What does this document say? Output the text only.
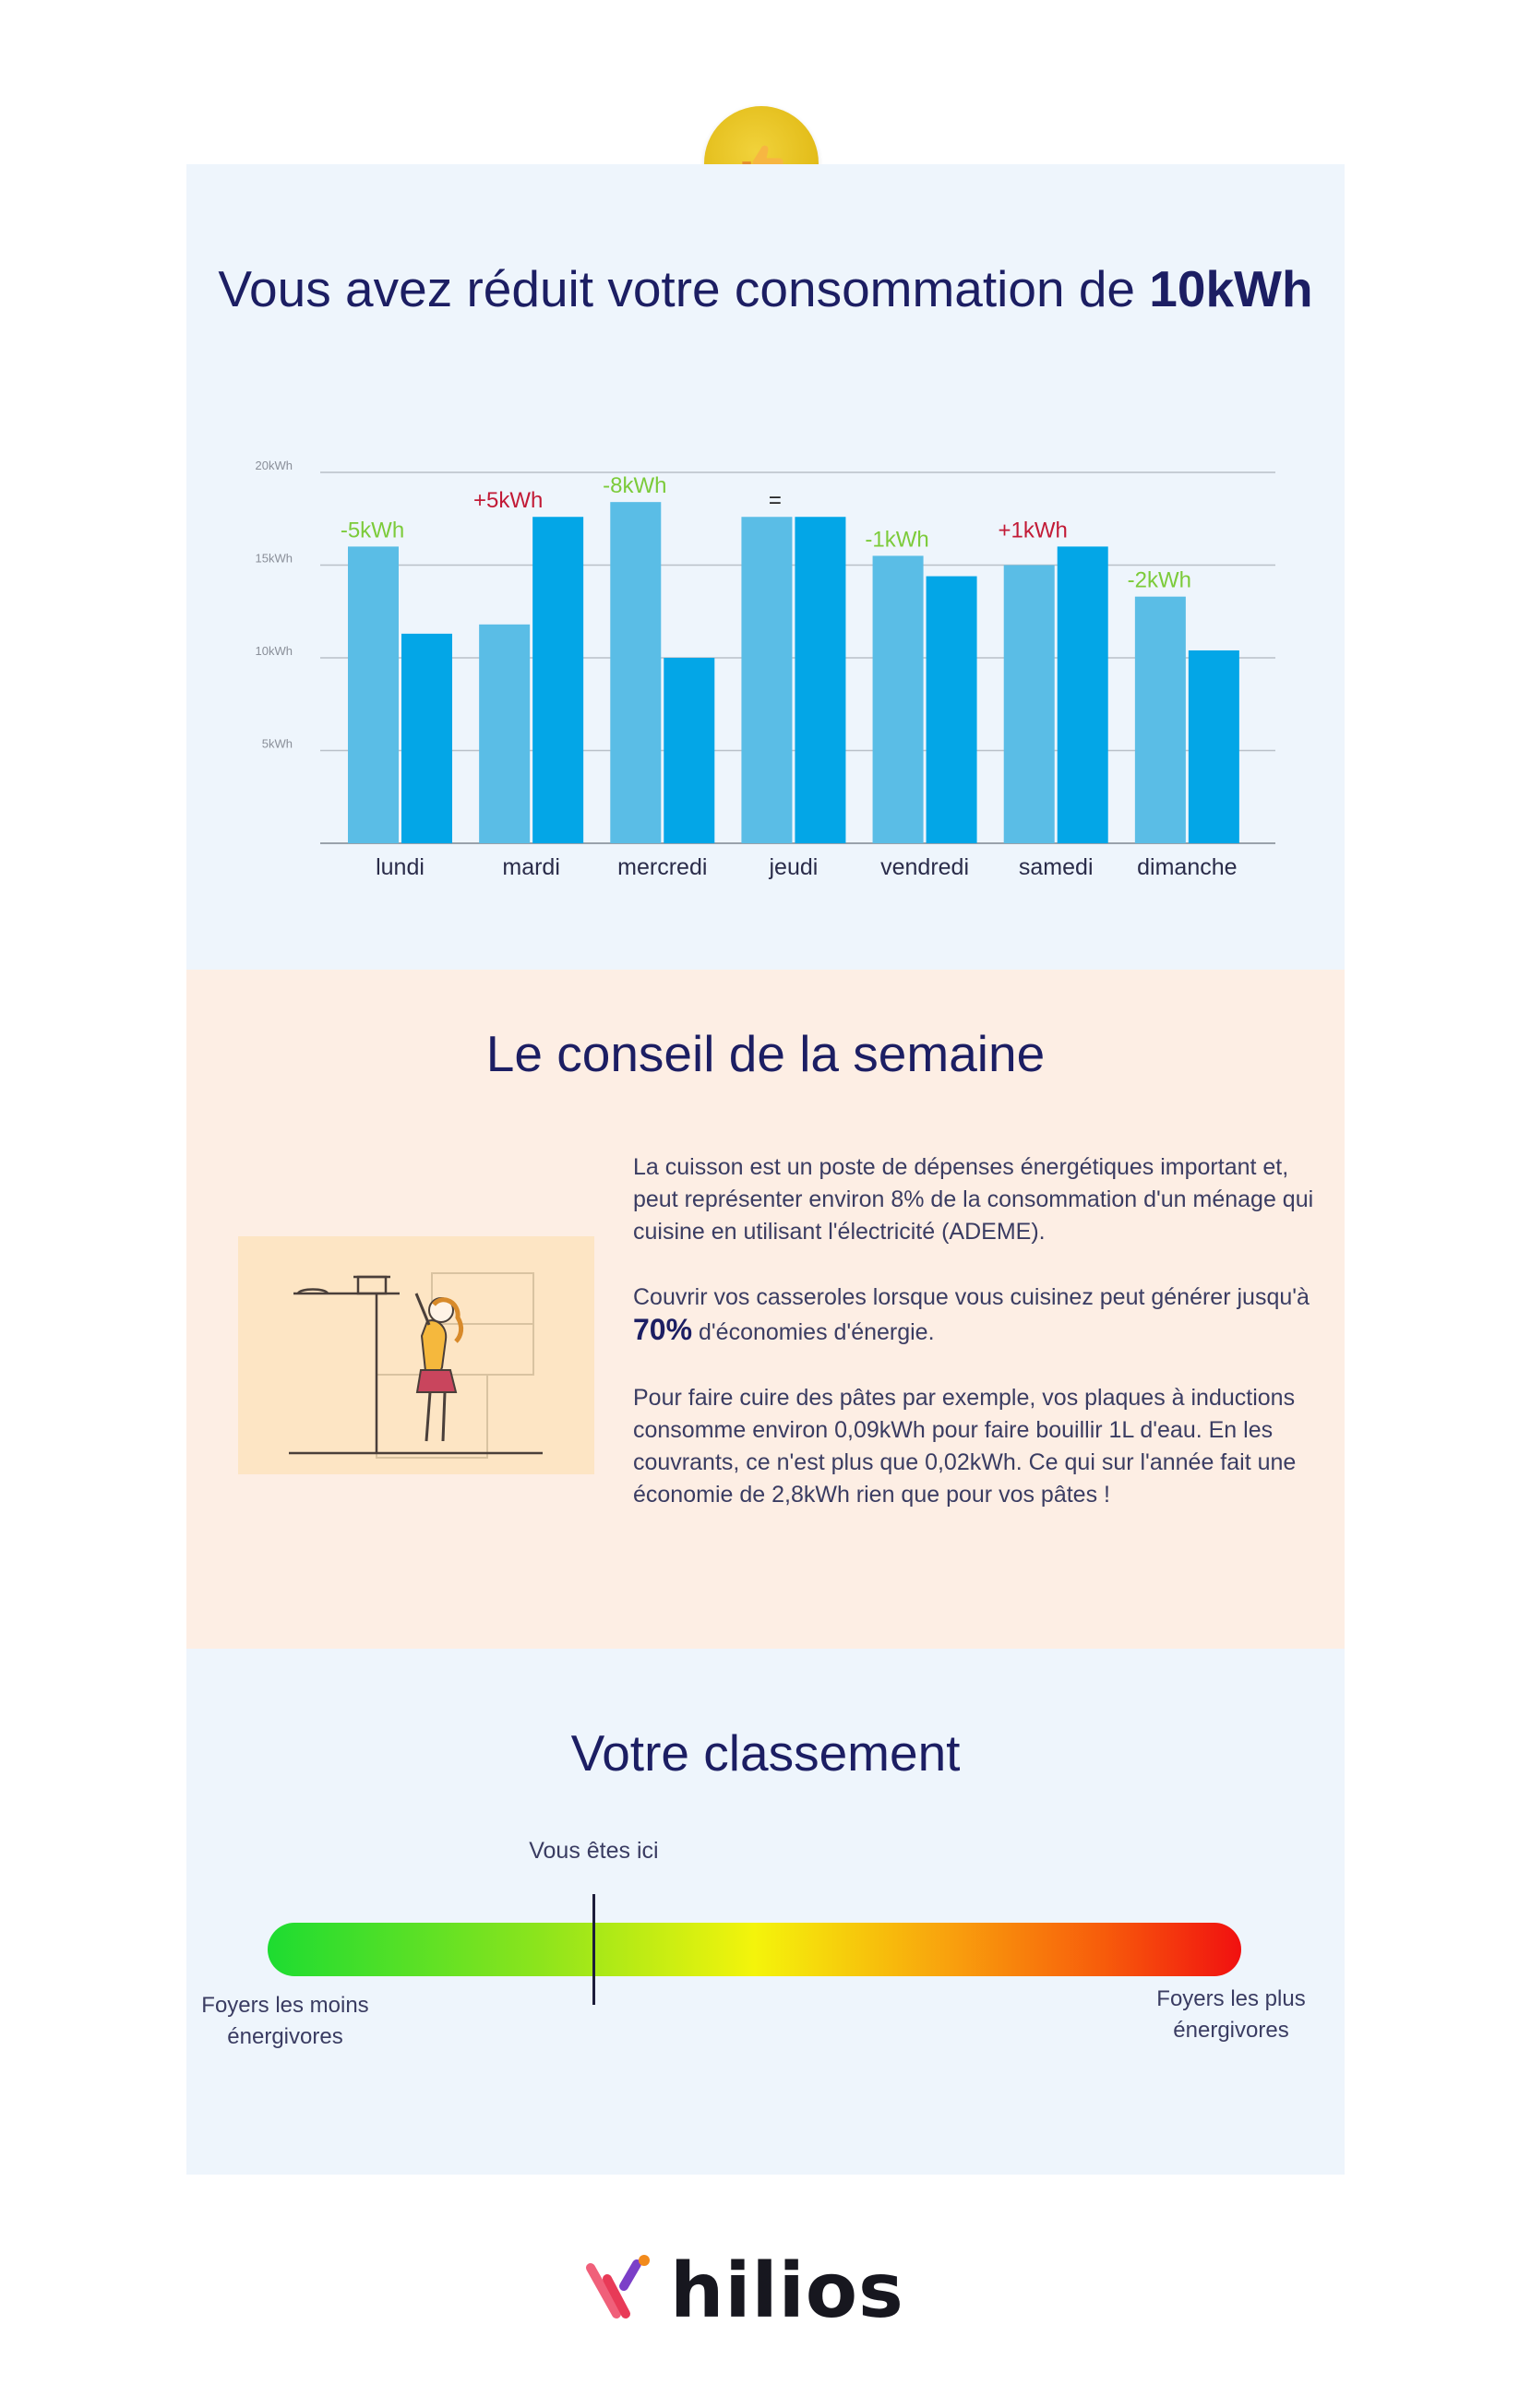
Vous avez réduit votre consommation de 10kWh
5kWh
10kWh
15kWh
20kWh
lundi
-5kWh
mardi
+5kWh
mercredi
-8kWh
jeudi
=
vendredi
-1kWh
samedi
+1kWh
dimanche
-2kWh
Le conseil de la semaine

La cuisson est un poste de dépenses énergétiques important et, peut représenter environ 8% de la consommation d'un ménage qui cuisine en utilisant l'électricité (ADEME).

Couvrir vos casseroles lorsque vous cuisinez peut générer jusqu'à 70% d'économies d'énergie.

Pour faire cuire des pâtes par exemple, vos plaques à inductions consomme environ 0,09kWh pour faire bouillir 1L d'eau. En les couvrants, ce n'est plus que 0,02kWh. Ce qui sur l'année fait une économie de 2,8kWh rien que pour vos pâtes !

Votre classement
Vous êtes ici
Foyers les moins énergivores
Foyers les plus énergivores
hilios
